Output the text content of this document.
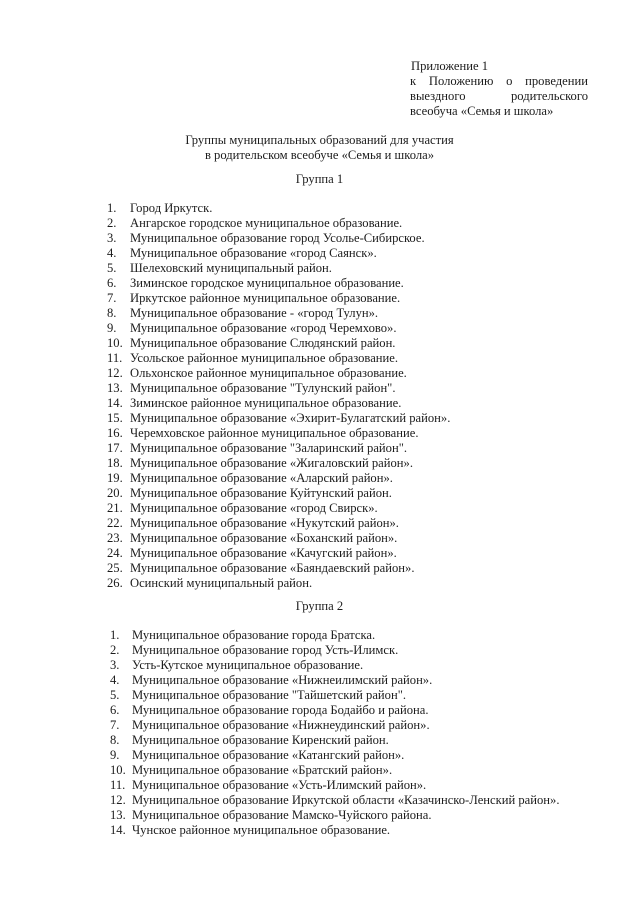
Приложение 1
к Положению о проведении выездного родительского всеобуча «Семья и школа»
Группы муниципальных образований для участия
в родительском всеобуче «Семья и школа»
Группа 1
1. Город Иркутск.
2. Ангарское городское муниципальное образование.
3. Муниципальное образование город Усолье-Сибирское.
4. Муниципальное образование «город Саянск».
5. Шелеховский муниципальный район.
6. Зиминское городское муниципальное образование.
7. Иркутское районное муниципальное образование.
8. Муниципальное образование - «город Тулун».
9. Муниципальное образование «город Черемхово».
10. Муниципальное образование Слюдянский район.
11. Усольское районное муниципальное образование.
12. Ольхонское районное муниципальное образование.
13. Муниципальное образование "Тулунский район".
14. Зиминское районное муниципальное образование.
15. Муниципальное образование «Эхирит-Булагатский район».
16. Черемховское районное муниципальное образование.
17. Муниципальное образование "Заларинский район".
18. Муниципальное образование «Жигаловский район».
19. Муниципальное образование «Аларский район».
20. Муниципальное образование Куйтунский район.
21. Муниципальное образование «город Свирск».
22. Муниципальное образование «Нукутский район».
23. Муниципальное образование «Боханский район».
24. Муниципальное образование «Качугский район».
25. Муниципальное образование «Баяндаевский район».
26. Осинский муниципальный район.
Группа 2
1. Муниципальное образование города Братска.
2. Муниципальное образование город Усть-Илимск.
3. Усть-Кутское муниципальное образование.
4. Муниципальное образование «Нижнеилимский район».
5. Муниципальное образование "Тайшетский район".
6. Муниципальное образование города Бодайбо и района.
7. Муниципальное образование «Нижнеудинский район».
8. Муниципальное образование Киренский район.
9. Муниципальное образование «Катангский район».
10. Муниципальное образование «Братский район».
11. Муниципальное образование «Усть-Илимский район».
12. Муниципальное образование Иркутской области «Казачинско-Ленский район».
13. Муниципальное образование Мамско-Чуйского района.
14. Чунское районное муниципальное образование.
